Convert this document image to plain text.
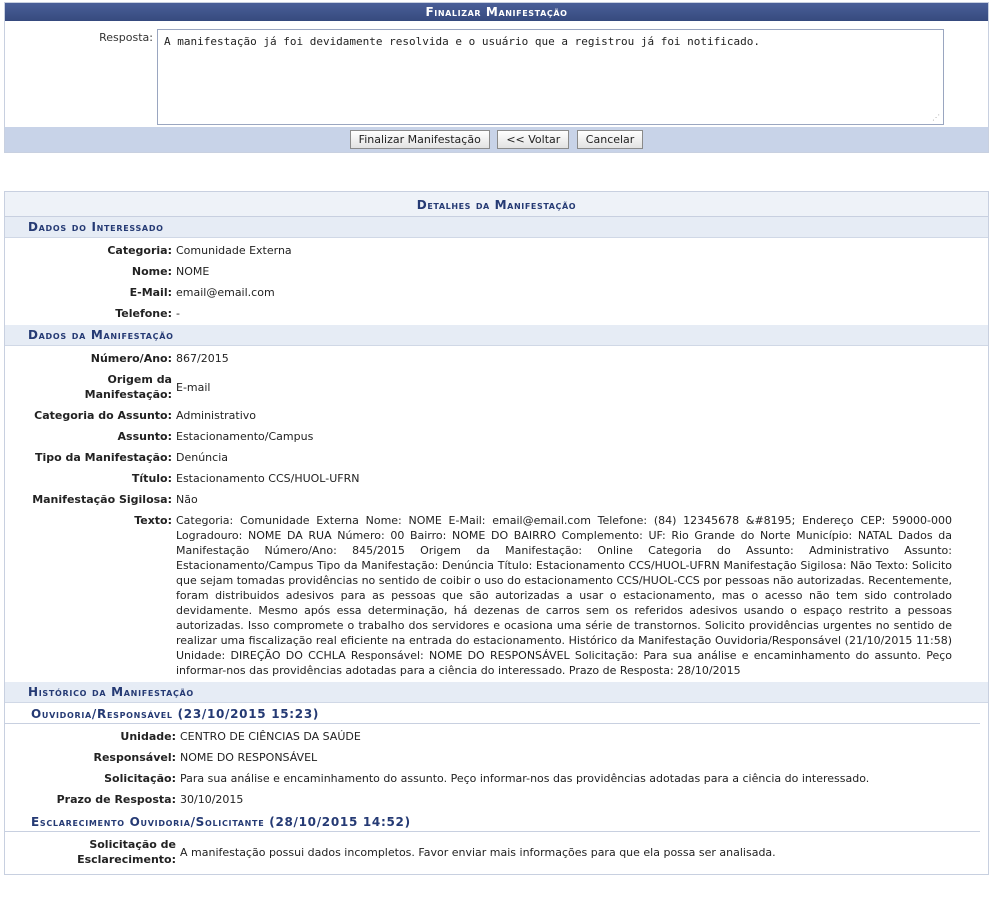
Finalizar Manifestação
Resposta:
A manifestação já foi devidamente resolvida e o usuário que a registrou já foi notificado.
⋰
Finalizar Manifestação << Voltar Cancelar
Detalhes da Manifestação
Dados do Interessado
Categoria: Comunidade Externa
Nome: NOME
E-Mail: email@email.com
Telefone: -
Dados da Manifestação
Número/Ano: 867/2015
Origem da Manifestação:
E-mail
Categoria do Assunto: Administrativo
Assunto: Estacionamento/Campus
Tipo da Manifestação: Denúncia
Título: Estacionamento CCS/HUOL-UFRN
Manifestação Sigilosa: Não
Texto: Categoria: Comunidade Externa Nome: NOME E-Mail: email@email.com Telefone: (84) 12345678 &#8195; Endereço CEP: 59000-000 Logradouro: NOME DA RUA Número: 00 Bairro: NOME DO BAIRRO Complemento: UF: Rio Grande do Norte Município: NATAL Dados da Manifestação Número/Ano: 845/2015 Origem da Manifestação: Online Categoria do Assunto: Administrativo Assunto: Estacionamento/Campus Tipo da Manifestação: Denúncia Título: Estacionamento CCS/HUOL-UFRN Manifestação Sigilosa: Não Texto: Solicito que sejam tomadas providências no sentido de coibir o uso do estacionamento CCS/HUOL-CCS por pessoas não autorizadas. Recentemente, foram distribuidos adesivos para as pessoas que são autorizadas a usar o estacionamento, mas o acesso não tem sido controlado devidamente. Mesmo após essa determinação, há dezenas de carros sem os referidos adesivos usando o espaço restrito a pessoas autorizadas. Isso compromete o trabalho dos servidores e ocasiona uma série de transtornos. Solicito providências urgentes no sentido de realizar uma fiscalização real eficiente na entrada do estacionamento. Histórico da Manifestação Ouvidoria/Responsável (21/10/2015 11:58) Unidade: DIREÇÃO DO CCHLA Responsável: NOME DO RESPONSÁVEL Solicitação: Para sua análise e encaminhamento do assunto. Peço informar-nos das providências adotadas para a ciência do interessado. Prazo de Resposta: 28/10/2015
Histórico da Manifestação
Ouvidoria/Responsável (23/10/2015 15:23)
Unidade: CENTRO DE CIÊNCIAS DA SAÚDE
Responsável: NOME DO RESPONSÁVEL
Solicitação: Para sua análise e encaminhamento do assunto. Peço informar-nos das providências adotadas para a ciência do interessado.
Prazo de Resposta: 30/10/2015
Esclarecimento Ouvidoria/Solicitante (28/10/2015 14:52)
Solicitação de Esclarecimento:
A manifestação possui dados incompletos. Favor enviar mais informações para que ela possa ser analisada.
